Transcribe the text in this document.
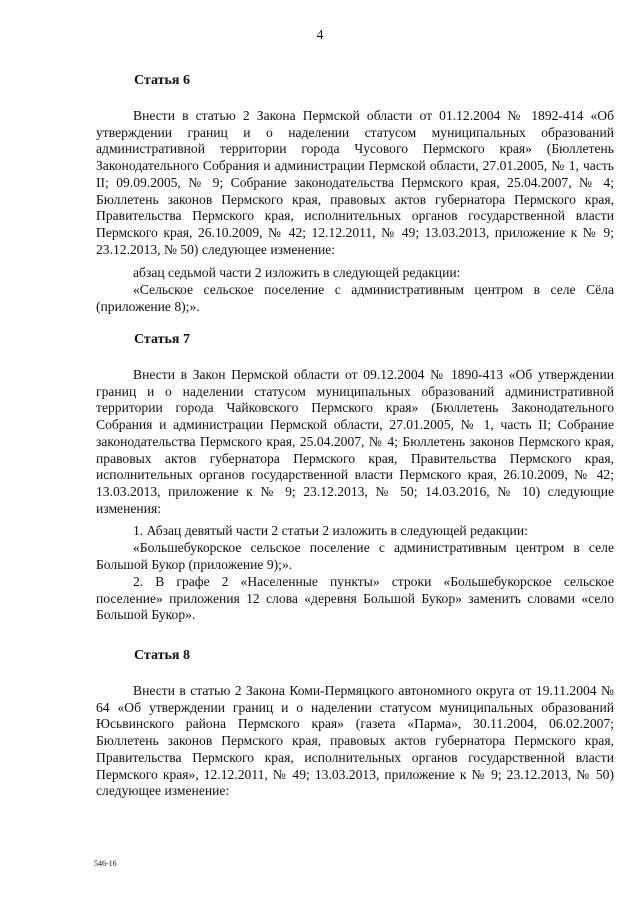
4
Статья 6

Внести в статью 2 Закона Пермской области от 01.12.2004 № 1892-414 «Об утверждении границ и о наделении статусом муниципальных образований административной территории города Чусового Пермского края» (Бюллетень Законодательного Собрания и администрации Пермской области, 27.01.2005, № 1, часть II; 09.09.2005, № 9; Собрание законодательства Пермского края, 25.04.2007, № 4; Бюллетень законов Пермского края, правовых актов губернатора Пермского края, Правительства Пермского края, исполнительных органов государственной власти Пермского края, 26.10.2009, № 42; 12.12.2011, № 49; 13.03.2013, приложение к № 9; 23.12.2013, № 50) следующее изменение:

абзац седьмой части 2 изложить в следующей редакции:

«Сельское сельское поселение с административным центром в селе Сёла (приложение 8);».

Статья 7

Внести в Закон Пермской области от 09.12.2004 № 1890-413 «Об утверждении границ и о наделении статусом муниципальных образований административной территории города Чайковского Пермского края» (Бюллетень Законодательного Собрания и администрации Пермской области, 27.01.2005, № 1, часть II; Собрание законодательства Пермского края, 25.04.2007, № 4; Бюллетень законов Пермского края, правовых актов губернатора Пермского края, Правительства Пермского края, исполнительных органов государственной власти Пермского края, 26.10.2009, № 42; 13.03.2013, приложение к № 9; 23.12.2013, № 50; 14.03.2016, № 10) следующие изменения:

1. Абзац девятый части 2 статьи 2 изложить в следующей редакции:

«Большебукорское сельское поселение с административным центром в селе Большой Букор (приложение 9);».

2. В графе 2 «Населенные пункты» строки «Большебукорское сельское поселение» приложения 12 слова «деревня Большой Букор» заменить словами «село Большой Букор».

Статья 8

Внести в статью 2 Закона Коми-Пермяцкого автономного округа от 19.11.2004 № 64 «Об утверждении границ и о наделении статусом муниципальных образований Юсьвинского района Пермского края» (газета «Парма», 30.11.2004, 06.02.2007; Бюллетень законов Пермского края, правовых актов губернатора Пермского края, Правительства Пермского края, исполнительных органов государственной власти Пермского края», 12.12.2011, № 49; 13.03.2013, приложение к № 9; 23.12.2013, № 50) следующее изменение:

546-16
